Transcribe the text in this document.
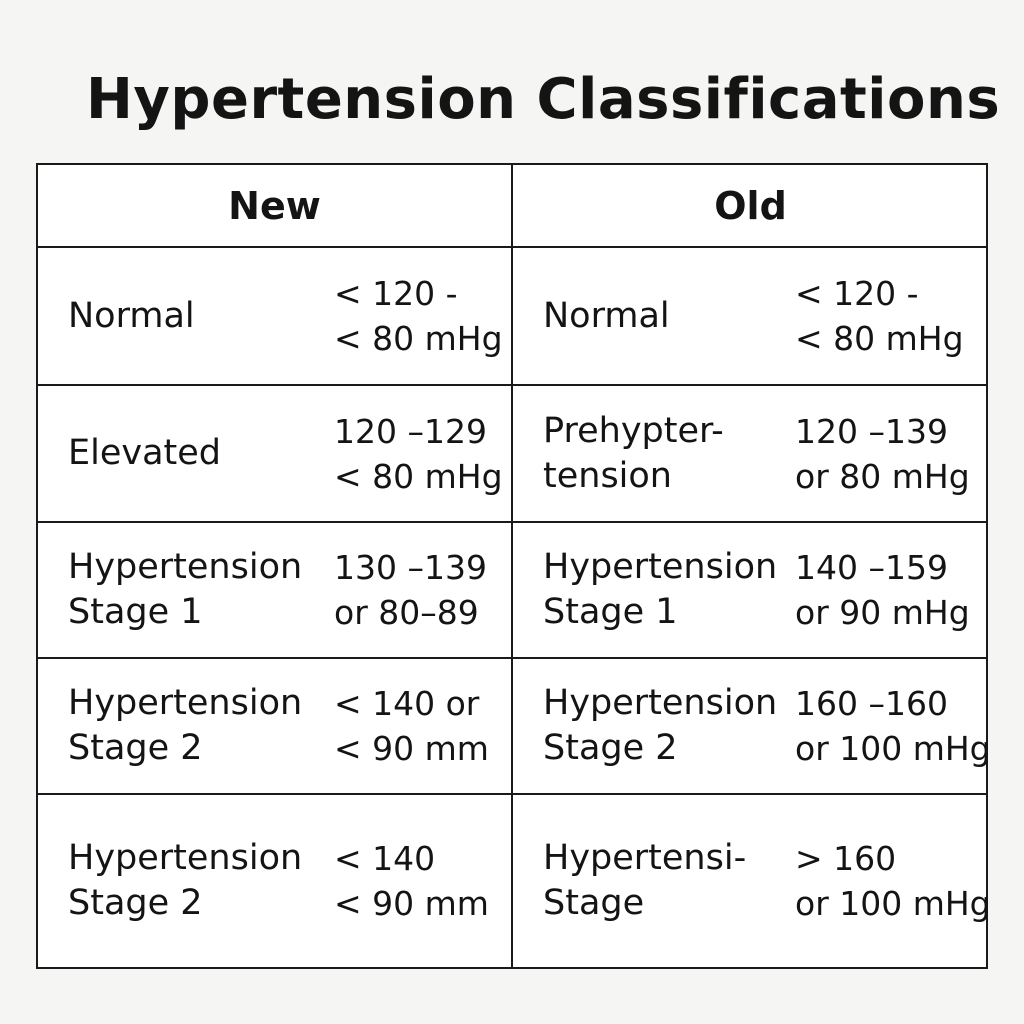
Hypertension Classifications
New	Old
Normal
< 120 -
< 80 mHg
Normal
< 120 -
< 80 mHg
Elevated
120 –129
< 80 mHg
Prehypter-
tension
120 –139
or 80 mHg
Hypertension
Stage 1
130 –139
or 80–89
Hypertension
Stage 1
140 –159
or 90 mHg
Hypertension
Stage 2
< 140 or
< 90 mm
Hypertension
Stage 2
160 –160
or 100 mHg
Hypertension
Stage 2
< 140
< 90 mm
Hypertensi-
Stage
> 160
or 100 mHg
